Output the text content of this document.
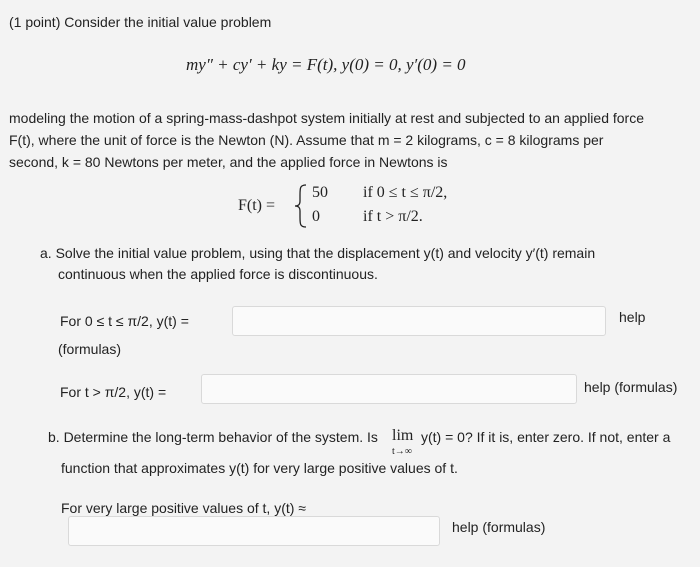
(1 point) Consider the initial value problem
my″ + cy′ + ky = F(t), y(0) = 0, y′(0) = 0
modeling the motion of a spring-mass-dashpot system initially at rest and subjected to an applied force
F(t), where the unit of force is the Newton (N). Assume that m = 2 kilograms, c = 8 kilograms per
second, k = 80 Newtons per meter, and the applied force in Newtons is
F(t) =
50 if 0 ≤ t ≤ π/2,
0	if t > π/2.
a. Solve the initial value problem, using that the displacement y(t) and velocity y′(t) remain
continuous when the applied force is discontinuous.
For 0 ≤ t ≤ π/2, y(t) =	help
(formulas)
For t > π/2, y(t) =	help (formulas)
b. Determine the long-term behavior of the system. Is lim
t→∞
y(t) = 0? If it is, enter zero. If not, enter a
function that approximates y(t) for very large positive values of t.
For very large positive values of t, y(t) ≈
help (formulas)
